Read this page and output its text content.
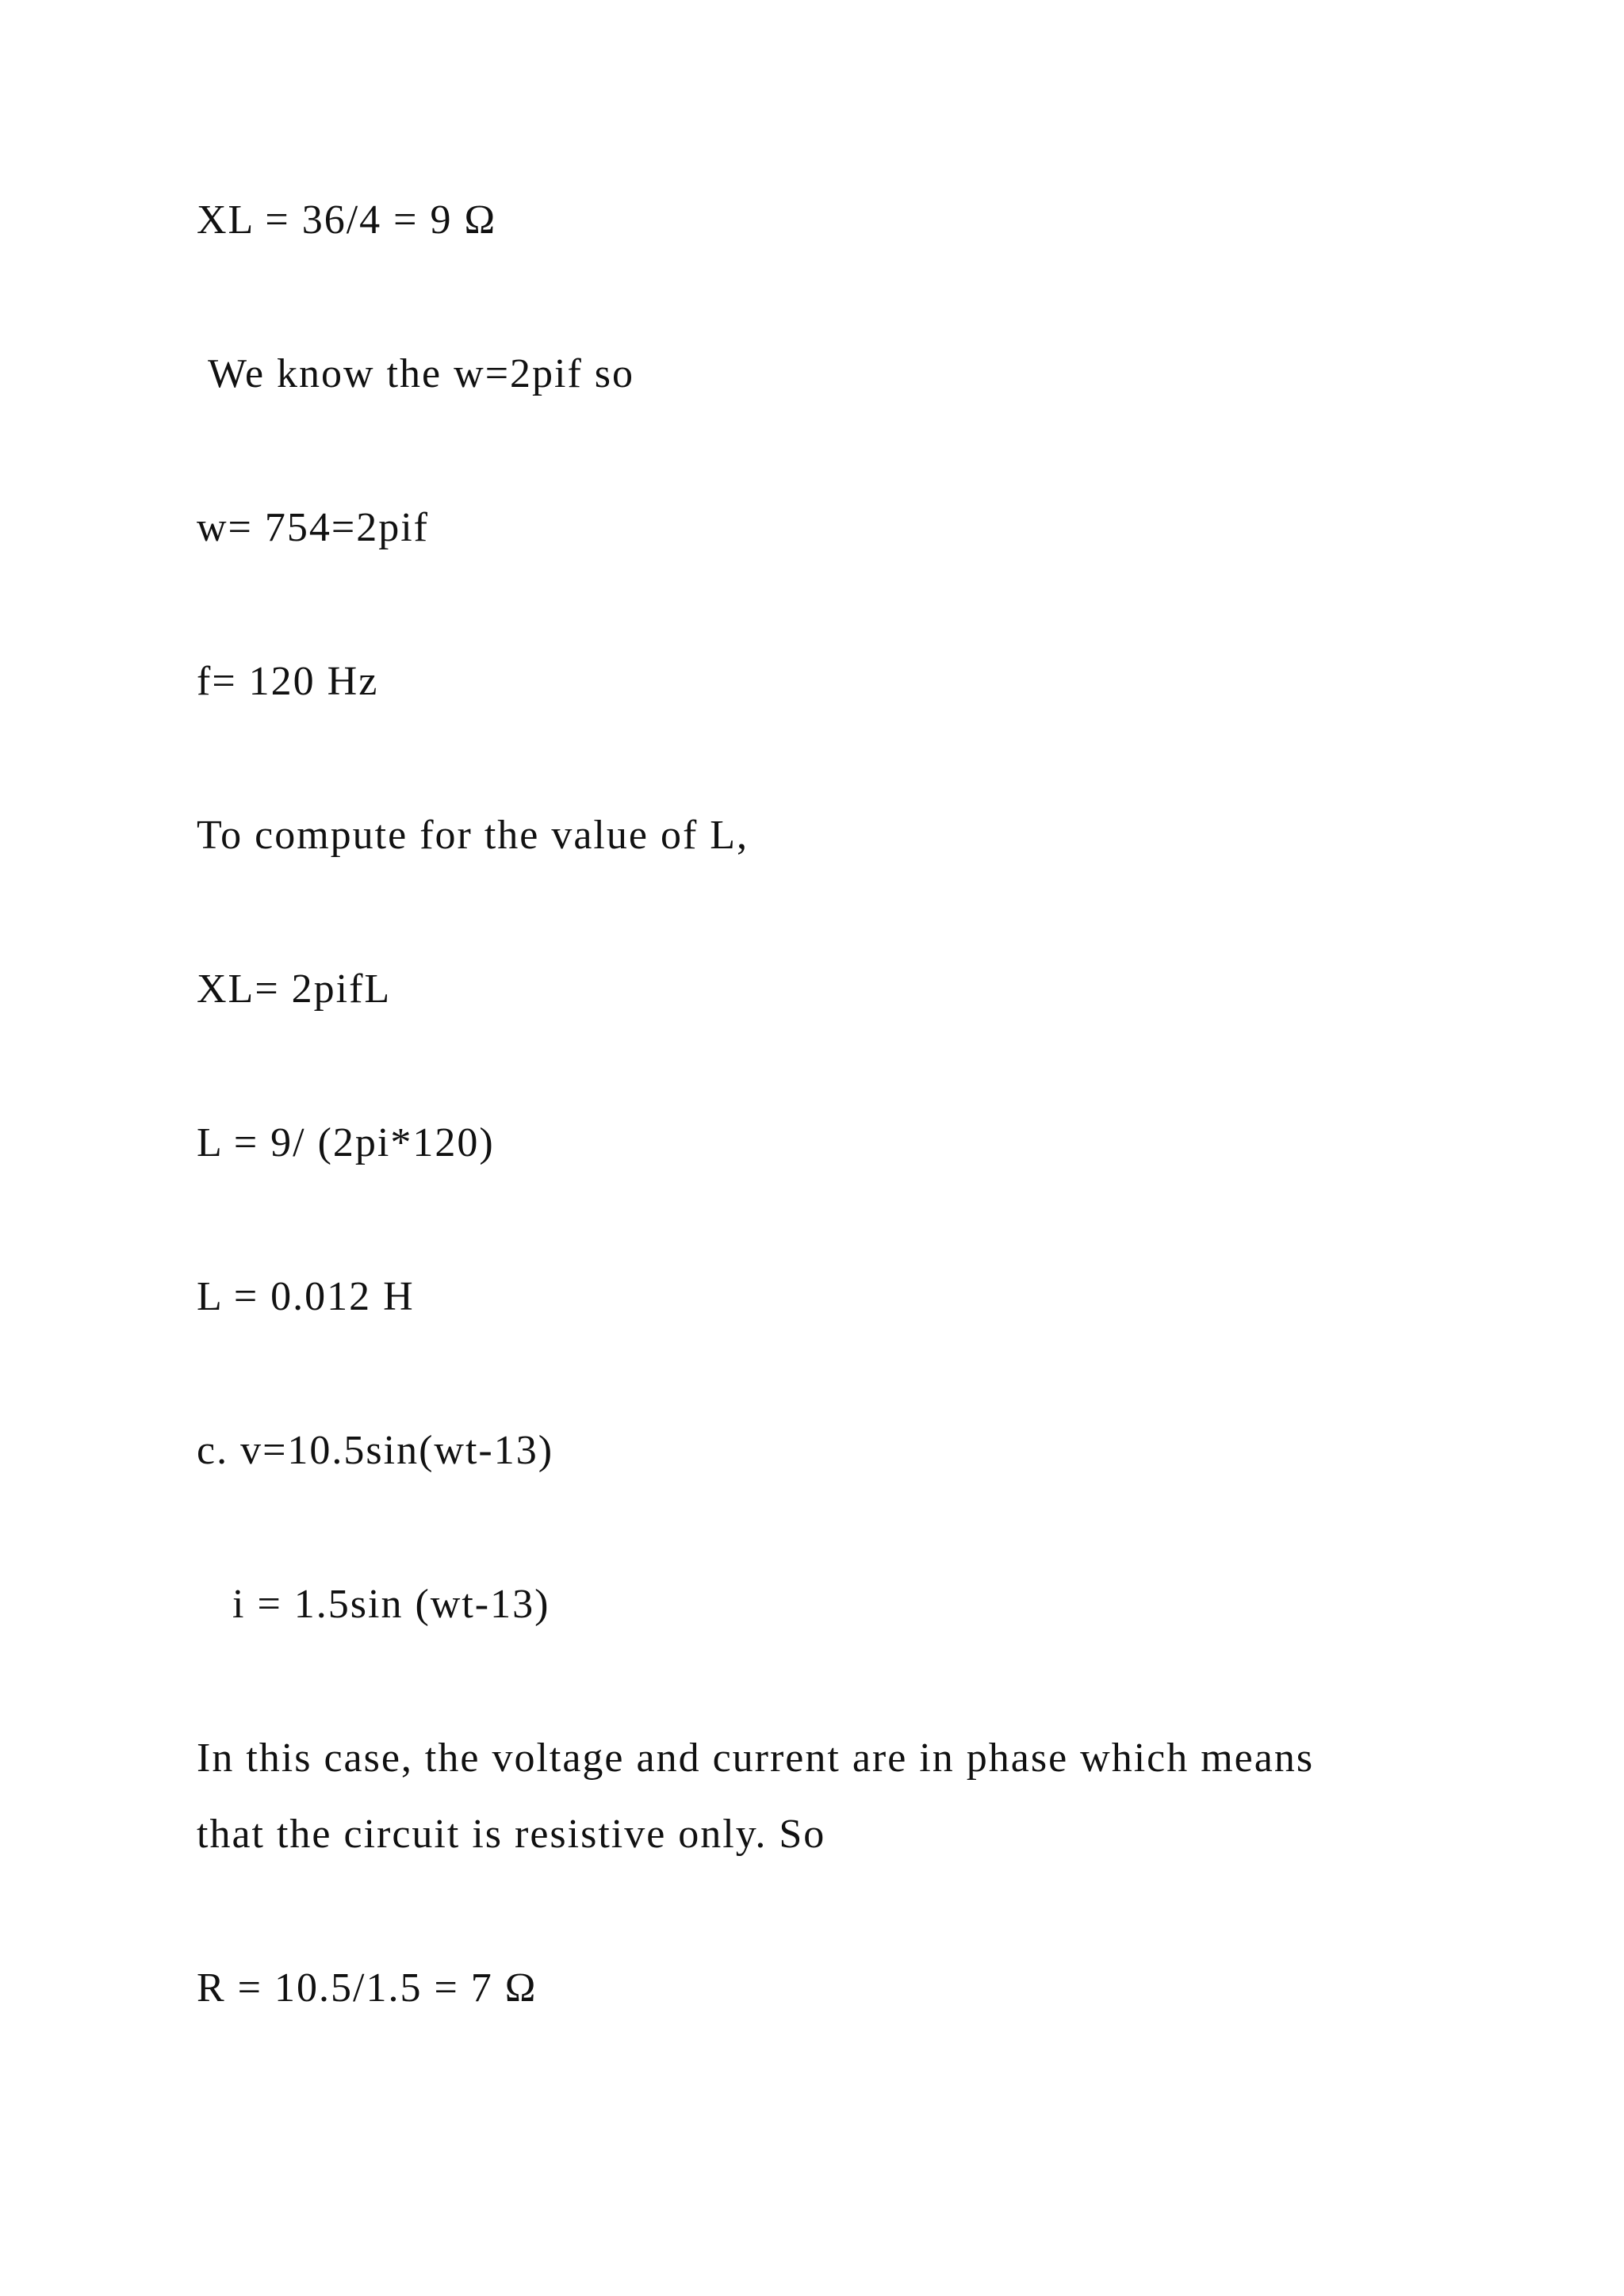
XL = 36/4 = 9 Ω

We know the w=2pif so

w= 754=2pif

f= 120 Hz

To compute for the value of L,

XL= 2pifL

L = 9/ (2pi*120)

L = 0.012 H

c. v=10.5sin(wt-13)

i = 1.5sin (wt-13)

In this case, the voltage and current are in phase which means

that the circuit is resistive only. So

R = 10.5/1.5 = 7 Ω
